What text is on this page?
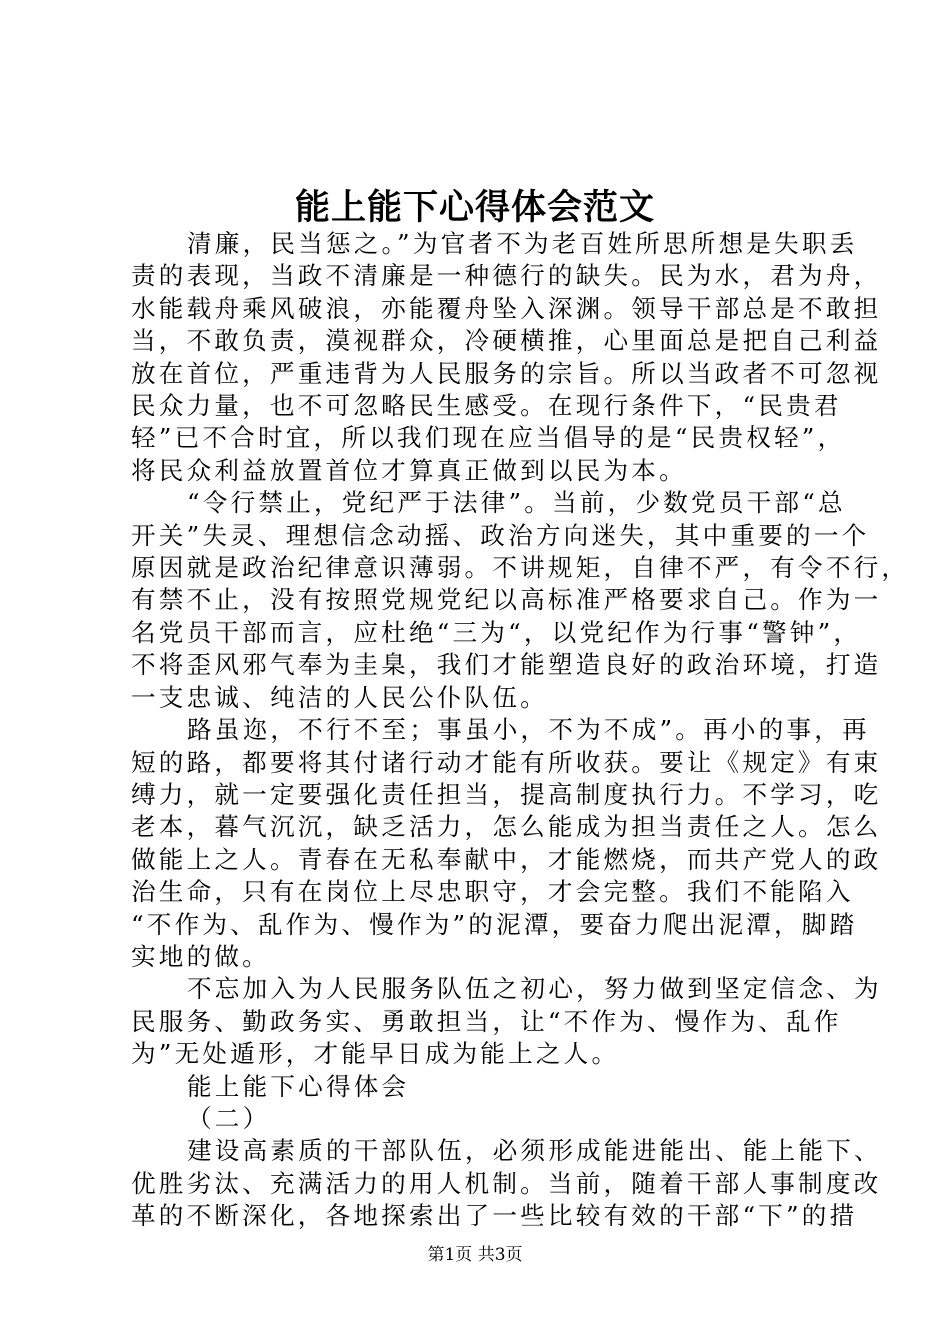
能上能下心得体会范文
清廉，民当惩之。”为官者不为老百姓所思所想是失职丢
责的表现，当政不清廉是一种德行的缺失。民为水，君为舟，
水能载舟乘风破浪，亦能覆舟坠入深渊。领导干部总是不敢担
当，不敢负责，漠视群众，冷硬横推，心里面总是把自己利益
放在首位，严重违背为人民服务的宗旨。所以当政者不可忽视
民众力量，也不可忽略民生感受。在现行条件下，“民贵君
轻”已不合时宜，所以我们现在应当倡导的是“民贵权轻”，
将民众利益放置首位才算真正做到以民为本。
“令行禁止，党纪严于法律”。当前，少数党员干部“总
开关”失灵、理想信念动摇、政治方向迷失，其中重要的一个
原因就是政治纪律意识薄弱。不讲规矩，自律不严，有令不行，
有禁不止，没有按照党规党纪以高标准严格要求自己。作为一
名党员干部而言，应杜绝“三为“，以党纪作为行事“警钟”，
不将歪风邪气奉为圭臬，我们才能塑造良好的政治环境，打造
一支忠诚、纯洁的人民公仆队伍。
路虽迩，不行不至；事虽小，不为不成”。再小的事，再
短的路，都要将其付诸行动才能有所收获。要让《规定》有束
缚力，就一定要强化责任担当，提高制度执行力。不学习，吃
老本，暮气沉沉，缺乏活力，怎么能成为担当责任之人。怎么
做能上之人。青春在无私奉献中，才能燃烧，而共产党人的政
治生命，只有在岗位上尽忠职守，才会完整。我们不能陷入
“不作为、乱作为、慢作为”的泥潭，要奋力爬出泥潭，脚踏
实地的做。
不忘加入为人民服务队伍之初心，努力做到坚定信念、为
民服务、勤政务实、勇敢担当，让“不作为、慢作为、乱作
为”无处遁形，才能早日成为能上之人。
能上能下心得体会
（二）
建设高素质的干部队伍，必须形成能进能出、能上能下、
优胜劣汰、充满活力的用人机制。当前，随着干部人事制度改
革的不断深化，各地探索出了一些比较有效的干部“下”的措
第1页 共3页
